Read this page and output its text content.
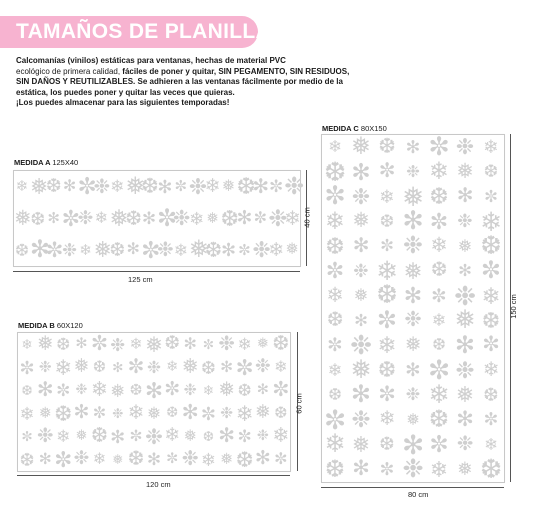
TAMAÑOS DE PLANILLAS
Calcomanías (vinilos) estáticas para ventanas, hechas de material PVC
ecológico de primera calidad, fáciles de poner y quitar, SIN PEGAMENTO, SIN RESIDUOS,
SIN DAÑOS Y REUTILIZABLES. Se adhieren a las ventanas fácilmente por medio de la
estática, los puedes poner y quitar las veces que quieras.
¡Los puedes almacenar para las siguientes temporadas!
MEDIDA A 125X40
❄ ❅
❆ ✻ ✼
❉ ❄ ❅
❆
✻ ✼ ❉
❄ ❅ ❆
✻ ✼ ❉
❅
❆ ✻ ✼
❉ ❄ ❅
❆ ✻ ✼
❉
❄ ❅ ❆
✻ ✼ ❉
❄
❆ ✻
✼
❉ ❄ ❅
❆ ✻ ✼
❉ ❄ ❅
❆
✻ ✼ ❉
❄ ❅
125 cm
40 cm
MEDIDA B 60X120
❄ ❅ ❆ ✻ ✼ ❉ ❄ ❅ ❆ ✻ ✼ ❉ ❄ ❅ ❆
✼ ❉ ❄ ❅ ❆ ✻ ✼ ❉ ❄ ❅ ❆ ✻ ✼ ❉ ❄
❆ ✻ ✼ ❉ ❄ ❅ ❆ ✻ ✼ ❉ ❄ ❅ ❆ ✻ ✼
❄ ❅ ❆ ✻ ✼ ❉ ❄ ❅ ❆ ✻ ✼ ❉ ❄ ❅ ❆
✼ ❉ ❄ ❅ ❆ ✻ ✼ ❉ ❄ ❅ ❆ ✻ ✼ ❉ ❄
❆ ✻ ✼ ❉ ❄ ❅ ❆ ✻ ✼ ❉ ❄ ❅ ❆ ✻ ✼
120 cm
60 cm
MEDIDA C 80X150
❄ ❅ ❆ ✻ ✼ ❉ ❄
❆ ✻ ✼ ❉ ❄ ❅ ❆
✼ ❉ ❄ ❅ ❆ ✻ ✼
❄ ❅ ❆ ✻ ✼ ❉ ❄
❆ ✻ ✼ ❉ ❄ ❅ ❆
✼ ❉ ❄ ❅ ❆ ✻ ✼
❄ ❅ ❆ ✻ ✼ ❉ ❄
❆ ✻ ✼ ❉ ❄ ❅ ❆
✼ ❉ ❄ ❅ ❆ ✻ ✼
❄ ❅ ❆ ✻ ✼ ❉ ❄
❆ ✻ ✼ ❉ ❄ ❅ ❆
✼ ❉ ❄ ❅ ❆ ✻ ✼
❄ ❅ ❆ ✻ ✼ ❉ ❄
❆ ✻ ✼ ❉ ❄ ❅ ❆
80 cm
150 cm
